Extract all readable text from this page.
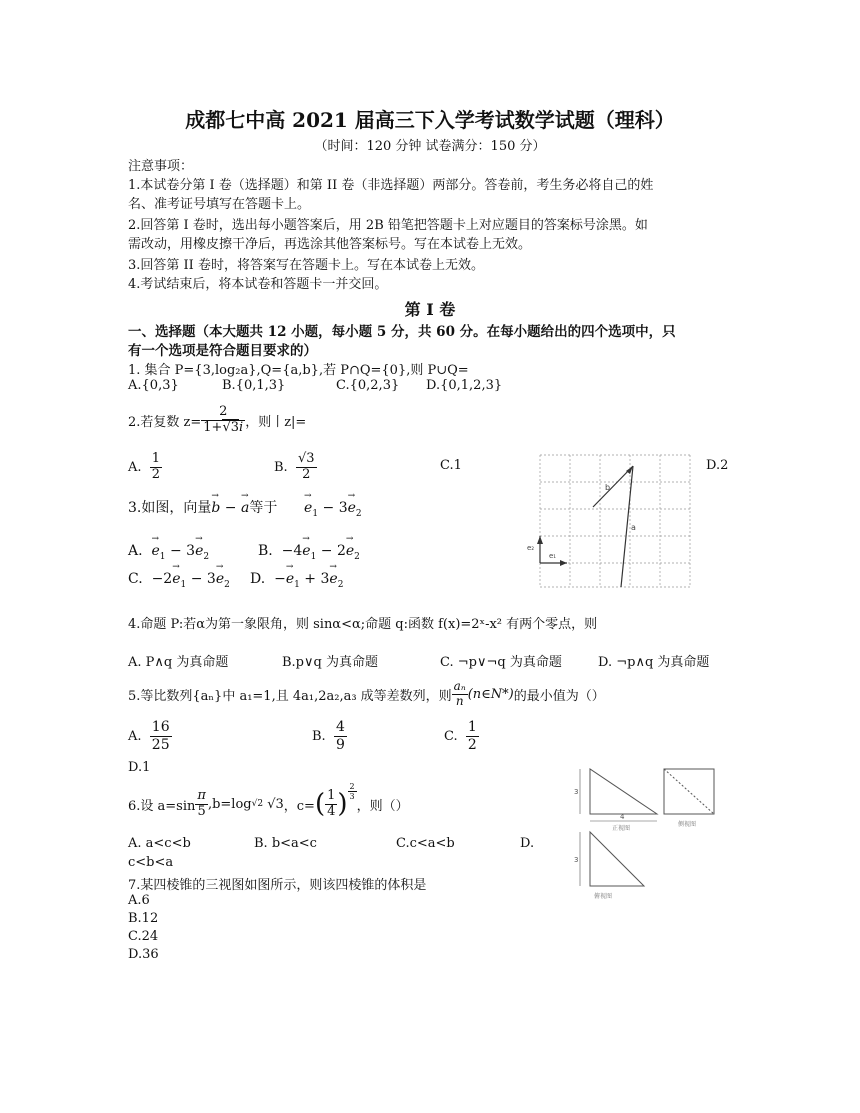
成都七中高 2021 届高三下入学考试数学试题（理科）
（时间：120 分钟 试卷满分：150 分）
注意事项：
1.本试卷分第 I 卷（选择题）和第 II 卷（非选择题）两部分。答卷前，考生务必将自己的姓
名、准考证号填写在答题卡上。
2.回答第 I 卷时，选出每小题答案后，用 2B 铅笔把答题卡上对应题目的答案标号涂黑。如
需改动，用橡皮擦干净后，再选涂其他答案标号。写在本试卷上无效。
3.回答第 II 卷时，将答案写在答题卡上。写在本试卷上无效。
4.考试结束后，将本试卷和答题卡一并交回。
第 I 卷
一、选择题（本大题共 12 小题，每小题 5 分，共 60 分。在每小题给出的四个选项中，只
有一个选项是符合题目要求的）
1. 集合 P={3,log₂a},Q={a,b},若 P∩Q={0},则 P∪Q=
A.{0,3}	B.{0,1,3}	C.{0,2,3} D.{0,1,2,3}
2.若复数 $z= \frac{2}{1+√3i}$ ，则丨z|=
A.
$\frac{1}{2}$	B.
$\frac{√3}{2}$	C.1	D.2
3.如图，向量→ b − → a等于 → $e_1 - 3\to e_2$
A. → $e_1 - 3\to e_2$	B.  $-4\to e_1 - 2\to e_2$
C.  $-2\to e_1 - 3\to e_2$ D.  −→ $e_1 + 3\to e_2$
b
a
e₂
e₁
4.命题 P:若α为第一象限角，则 sinα<α;命题 q:函数 f(x)=2ˣ-x² 有两个零点，则
A. P∧q 为真命题	B.p∨q 为真命题	C. ¬p∨¬q 为真命题	D. ¬p∧q 为真命题
5.等比数列{aₙ}中 a₁=1,且 4a₁,2a₂,a₃ 成等差数列，则 $\frac{\text{aₙ}}{n}$ (n∈N*) 的最小值为（）
A.
$\frac{16}{25}$	B.
$\frac{4}{9}$	C.
$\frac{1}{2}$
D.1
6.设 $a=\sin \frac{\pi}{5} ,b=\log$ √2
√3 ，c= ( $\frac{1}{4}$ ) $\frac{2}{3}$
，则（）
A. a<c<b	B. b<a<c	C.c<a<b	D.
c<b<a
7.某四棱锥的三视图如图所示，则该四棱锥的体积是
A.6
B.12
C.24
D.36
3
4
3
正视图
侧视图
俯视图
